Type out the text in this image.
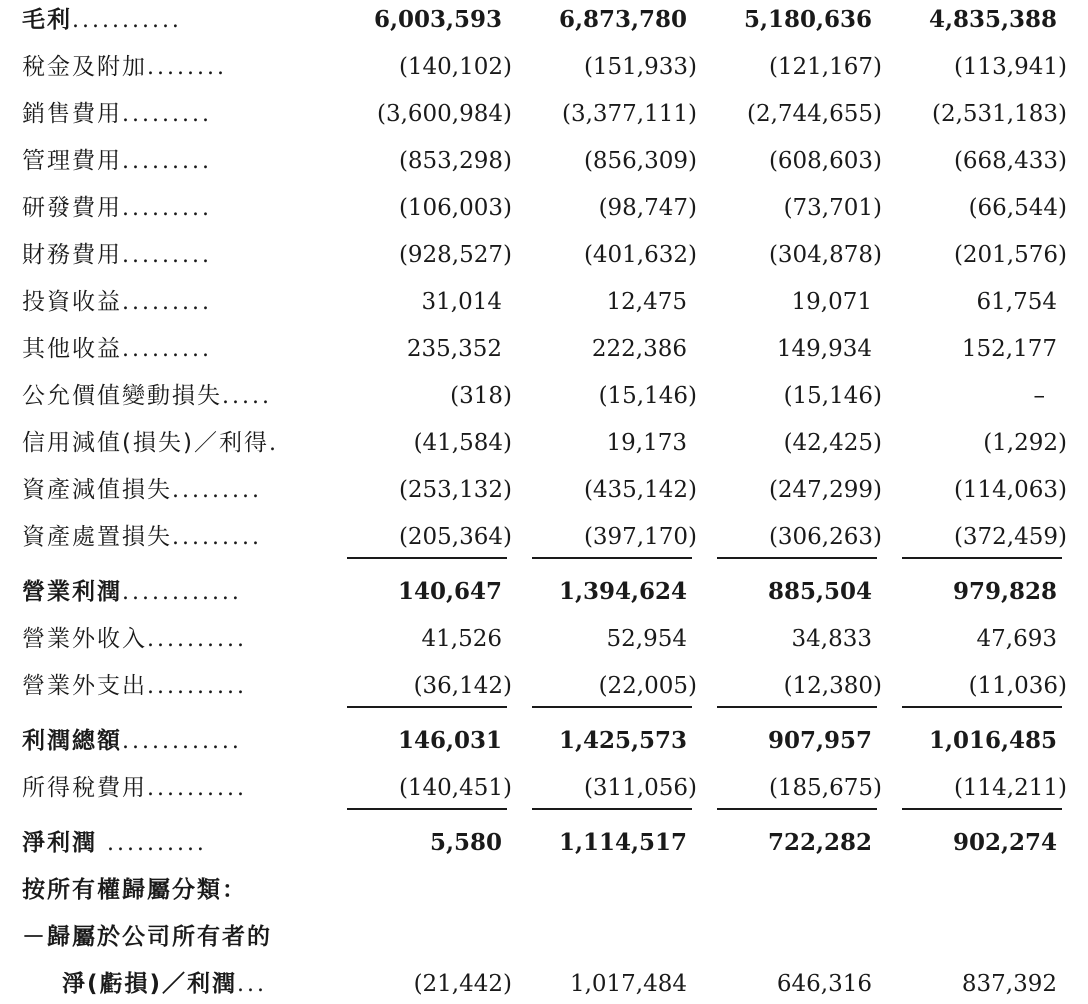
毛利...........	6,003,593	6,873,780	5,180,636	4,835,388
稅金及附加........	(140,102)	(151,933)	(121,167)	(113,941)
銷售費用.........	(3,600,984)	(3,377,111)	(2,744,655)	(2,531,183)
管理費用.........	(853,298)	(856,309)	(608,603)	(668,433)
研發費用.........	(106,003)	(98,747)	(73,701)	(66,544)
財務費用.........	(928,527)	(401,632)	(304,878)	(201,576)
投資收益.........	31,014	12,475	19,071	61,754
其他收益.........	235,352	222,386	149,934	152,177
公允價值變動損失.....	(318)	(15,146)	(15,146)	–
信用減值(損失)／利得.	(41,584)	19,173	(42,425)	(1,292)
資產減值損失.........	(253,132)	(435,142)	(247,299)	(114,063)
資產處置損失.........	(205,364)	(397,170)	(306,263)	(372,459)
營業利潤............	140,647	1,394,624	885,504	979,828
營業外收入..........	41,526	52,954	34,833	47,693
營業外支出..........	(36,142)	(22,005)	(12,380)	(11,036)
利潤總額............	146,031	1,425,573	907,957	1,016,485
所得稅費用..........	(140,451)	(311,056)	(185,675)	(114,211)
淨利潤 ..........	5,580	1,114,517	722,282	902,274
按所有權歸屬分類：
－歸屬於公司所有者的
淨(虧損)／利潤...	(21,442)	1,017,484	646,316	837,392
